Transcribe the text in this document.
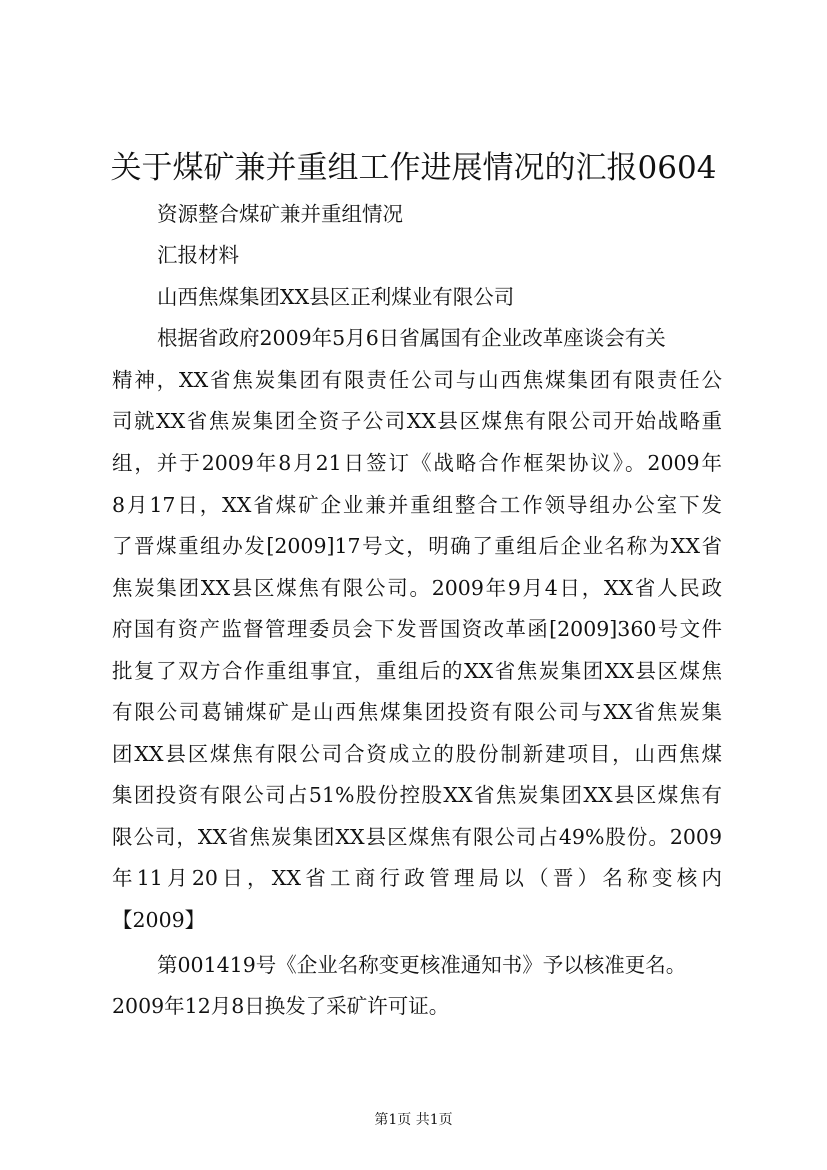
关于煤矿兼并重组工作进展情况的汇报0604

资源整合煤矿兼并重组情况

汇报材料

山西焦煤集团XX县区正利煤业有限公司

根据省政府2009年5月6日省属国有企业改革座谈会有关

精神，XX省焦炭集团有限责任公司与山西焦煤集团有限责任公

司就XX省焦炭集团全资子公司XX县区煤焦有限公司开始战略重

组，并于2009年8月21日签订《战略合作框架协议》。2009年

8月17日，XX省煤矿企业兼并重组整合工作领导组办公室下发

了晋煤重组办发[2009]17号文，明确了重组后企业名称为XX省

焦炭集团XX县区煤焦有限公司。2009年9月4日，XX省人民政

府国有资产监督管理委员会下发晋国资改革函[2009]360号文件

批复了双方合作重组事宜，重组后的XX省焦炭集团XX县区煤焦

有限公司葛铺煤矿是山西焦煤集团投资有限公司与XX省焦炭集

团XX县区煤焦有限公司合资成立的股份制新建项目，山西焦煤

集团投资有限公司占51%股份控股XX省焦炭集团XX县区煤焦有

限公司，XX省焦炭集团XX县区煤焦有限公司占49%股份。2009

年11月20日，XX省工商行政管理局以（晋）名称变核内

【2009】

第001419号《企业名称变更核准通知书》予以核准更名。

2009年12月8日换发了采矿许可证。

第1页 共1页
